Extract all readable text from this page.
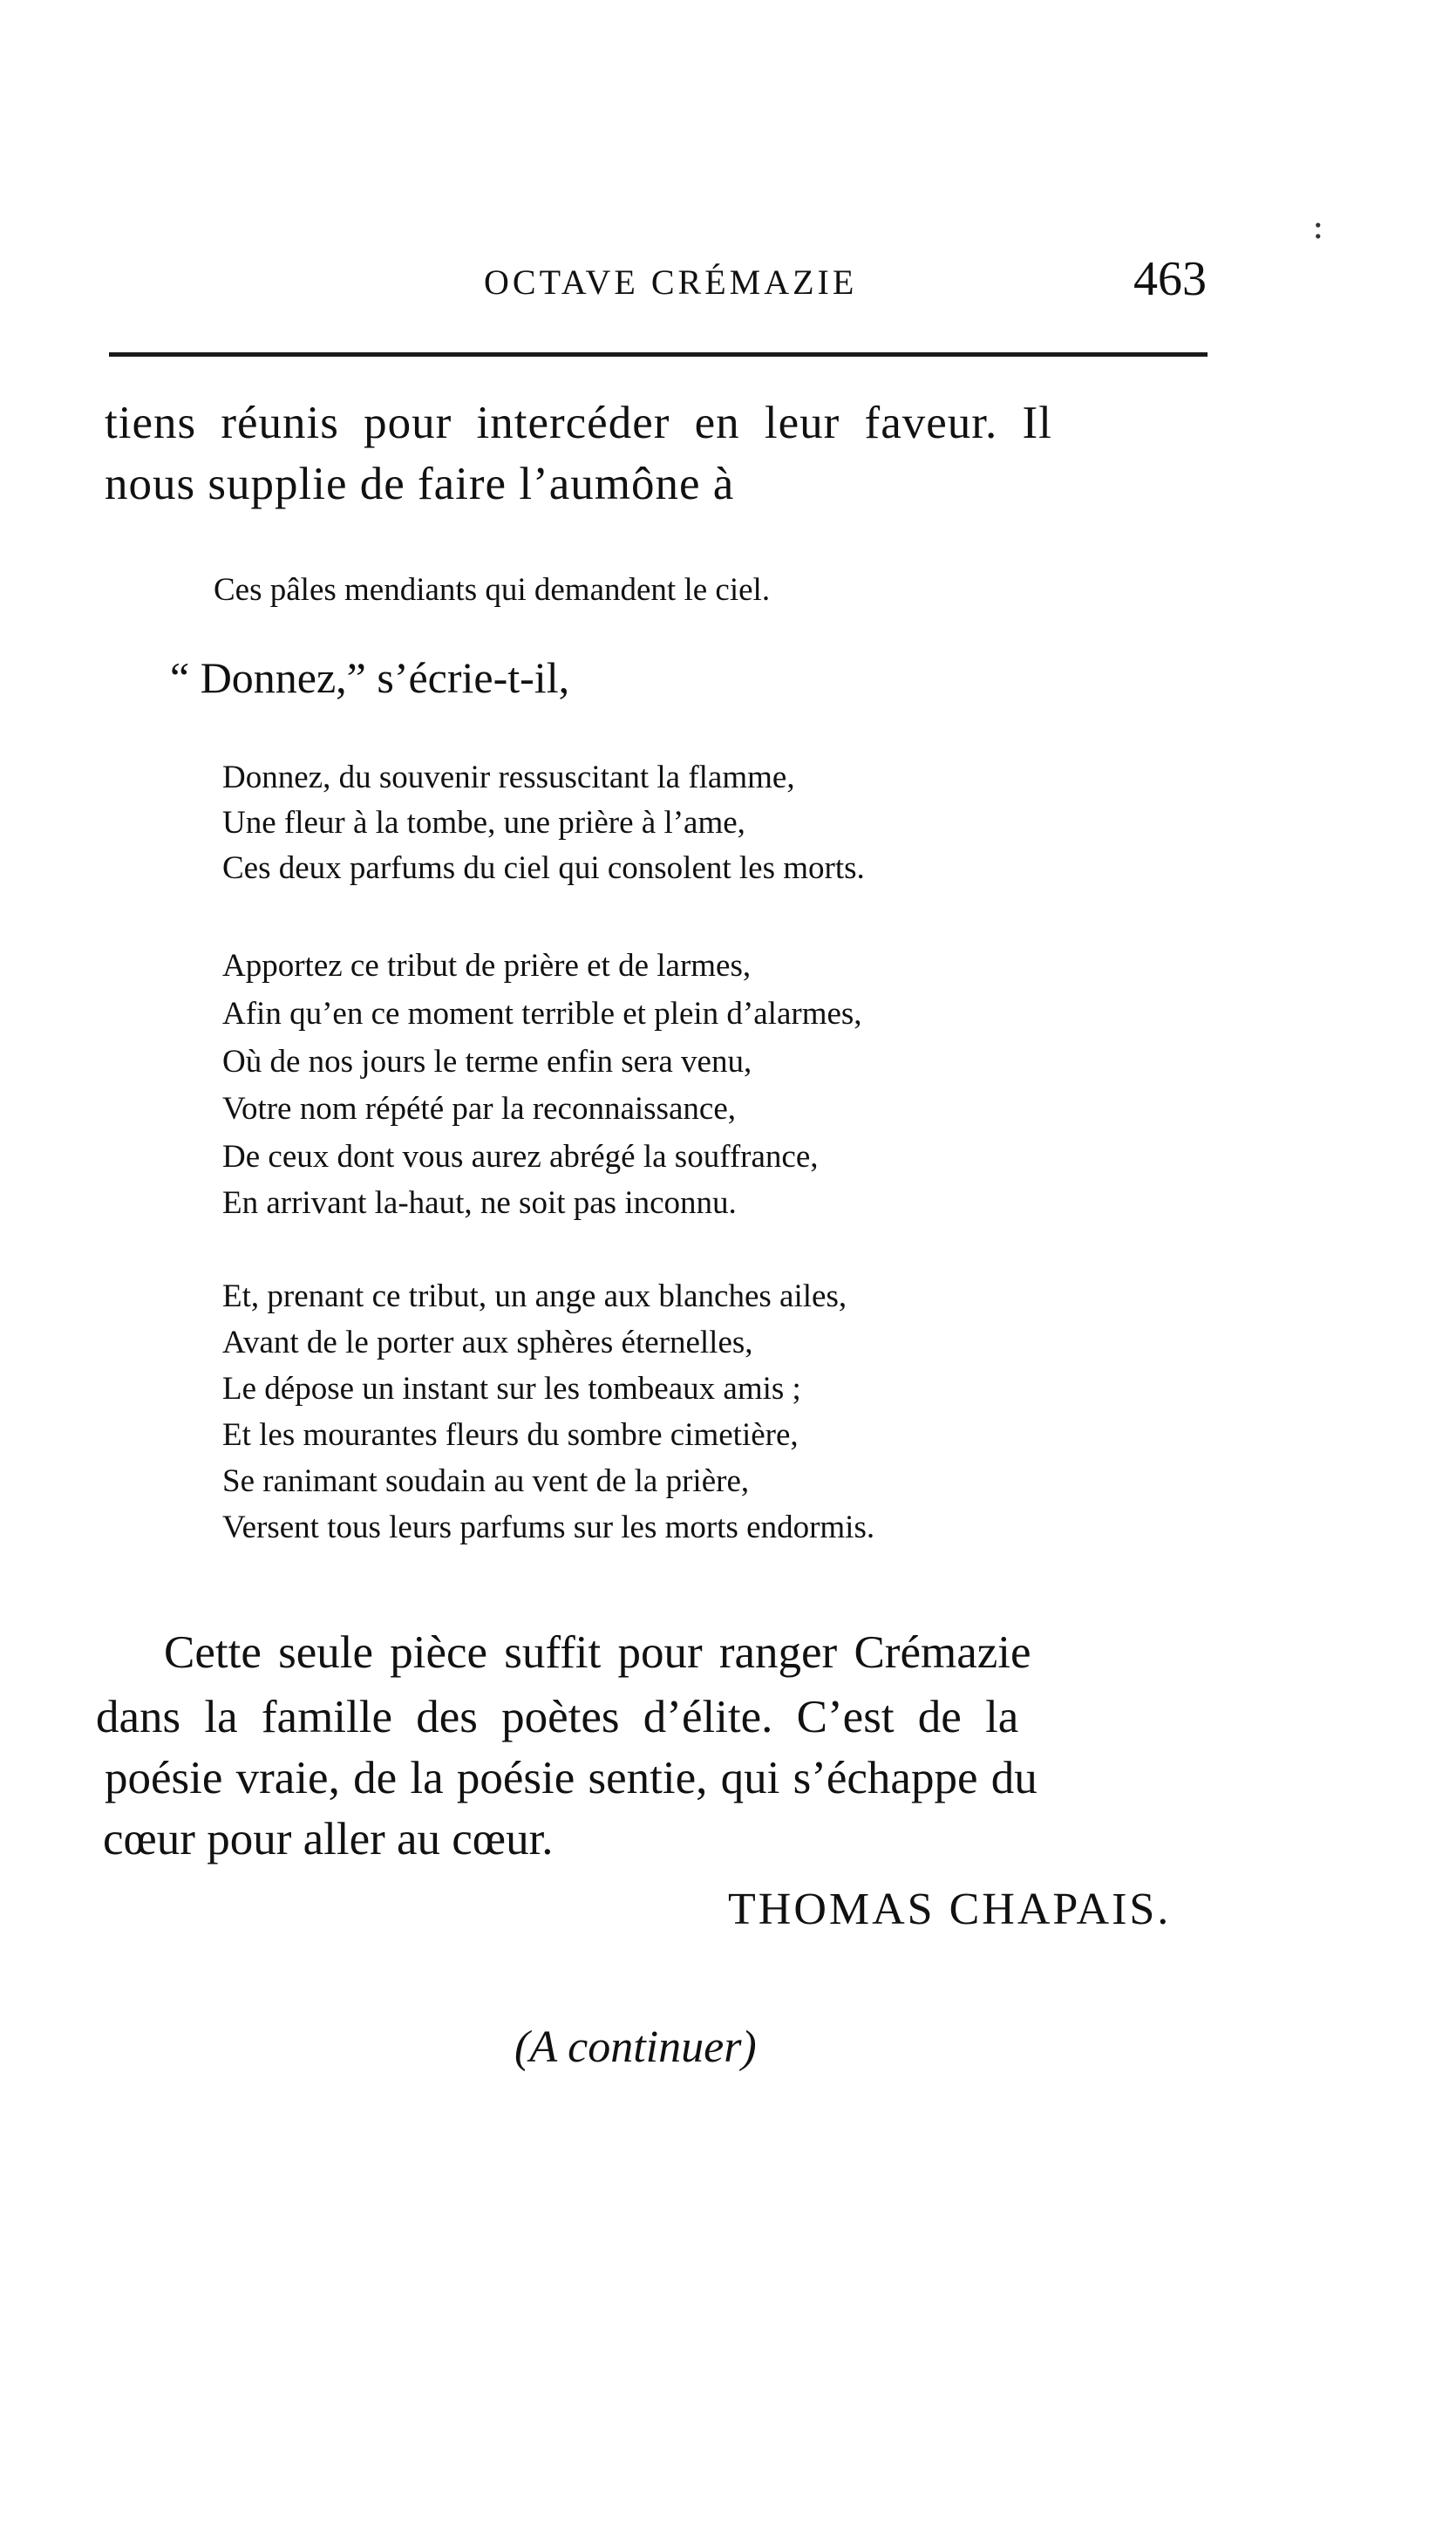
:
OCTAVE CRÉMAZIE	463
tiens réunis pour intercéder en leur faveur. Il
nous supplie de faire l’aumône à
Ces pâles mendiants qui demandent le ciel.
“ Donnez,” s’écrie-t-il,
Donnez, du souvenir ressuscitant la flamme,
Une fleur à la tombe, une prière à l’ame,
Ces deux parfums du ciel qui consolent les morts.
Apportez ce tribut de prière et de larmes,
Afin qu’en ce moment terrible et plein d’alarmes,
Où de nos jours le terme enfin sera venu,
Votre nom répété par la reconnaissance,
De ceux dont vous aurez abrégé la souffrance,
En arrivant la-haut, ne soit pas inconnu.
Et, prenant ce tribut, un ange aux blanches ailes,
Avant de le porter aux sphères éternelles,
Le dépose un instant sur les tombeaux amis ;
Et les mourantes fleurs du sombre cimetière,
Se ranimant soudain au vent de la prière,
Versent tous leurs parfums sur les morts endormis.
Cette seule pièce suffit pour ranger Crémazie
dans la famille des poètes d’élite. C’est de la
poésie vraie, de la poésie sentie, qui s’échappe du
cœur pour aller au cœur.
THOMAS CHAPAIS.
(A continuer)
